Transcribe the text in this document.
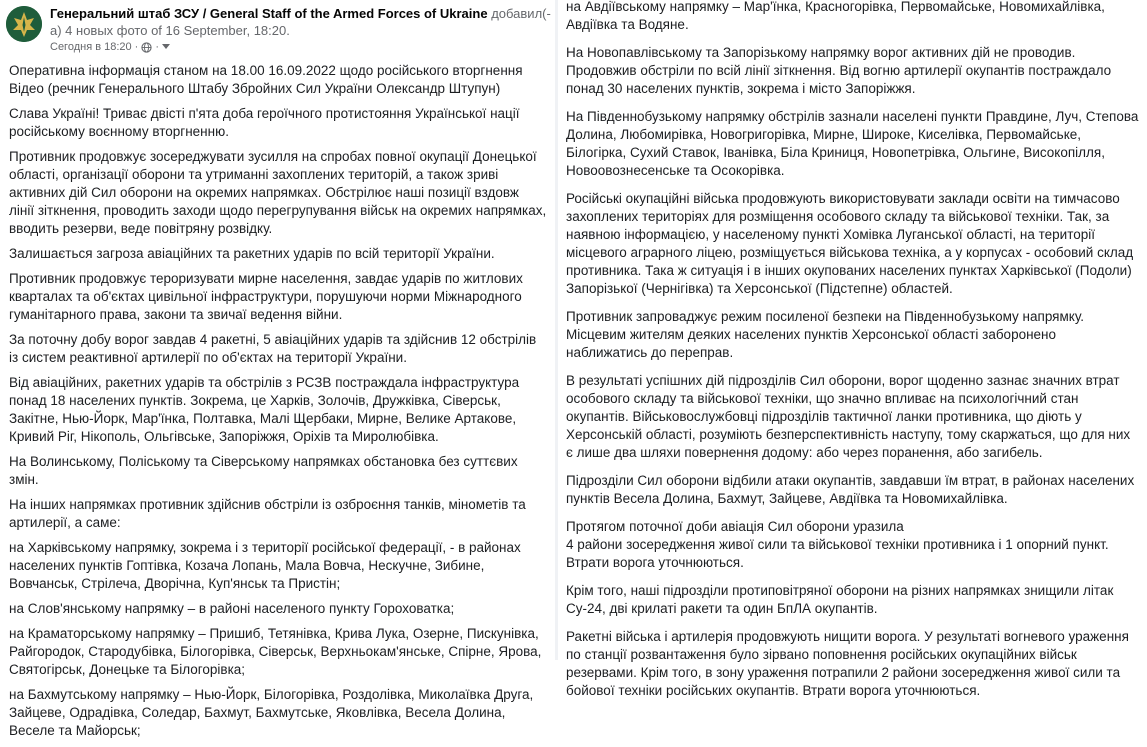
Генеральний штаб ЗСУ / General Staff of the Armed Forces of Ukraine добавил(-
а) 4 новых фото of 16 September, 18:20.
Сегодня в 18:20 · ·
Оперативна інформація станом на 18.00 16.09.2022 щодо російського вторгнення
Відео (речник Генерального Штабу Збройних Сил України Олександр Штупун)
Слава Україні! Триває двісті п'ята доба героїчного протистояння Української нації російському воєнному вторгненню.
Противник продовжує зосереджувати зусилля на спробах повної окупації Донецької області, організації оборони та утриманні захоплених територій, а також зриві активних дій Сил оборони на окремих напрямках. Обстрілює наші позиції вздовж лінії зіткнення, проводить заходи щодо перегрупування військ на окремих напрямках, вводить резерви, веде повітряну розвідку.
Залишається загроза авіаційних та ракетних ударів по всій території України.
Противник продовжує тероризувати мирне населення, завдає ударів по житлових кварталах та об'єктах цивільної інфраструктури, порушуючи норми Міжнародного гуманітарного права, закони та звичаї ведення війни.
За поточну добу ворог завдав 4 ракетні, 5 авіаційних ударів та здійснив 12 обстрілів із систем реактивної артилерії по об'єктах на території України.
Від авіаційних, ракетних ударів та обстрілів з РСЗВ постраждала інфраструктура понад 18 населених пунктів. Зокрема, це Харків, Золочів, Дружківка, Сіверськ, Закітне, Нью-Йорк, Мар'їнка, Полтавка, Малі Щербаки, Мирне, Велике Артакове, Кривий Ріг, Нікополь, Ольгівське, Запоріжжя, Оріхів та Миролюбівка.
На Волинському, Поліському та Сіверському напрямках обстановка без суттєвих змін.
На інших напрямках противник здійснив обстріли із озброєння танків, мінометів та артилерії, а саме:
на Харківському напрямку, зокрема і з території російської федерації, - в районах населених пунктів Гоптівка, Козача Лопань, Мала Вовча, Нескучне, Зибине, Вовчанськ, Стрілеча, Дворічна, Куп'янськ та Пристін;
на Слов'янському напрямку – в районі населеного пункту Гороховатка;
на Краматорському напрямку – Пришиб, Тетянівка, Крива Лука, Озерне, Пискунівка, Райгородок, Стародубівка, Білогорівка, Сіверськ, Верхньокам'янське, Спірне, Ярова, Святогірськ, Донецьке та Білогорівка;
на Бахмутському напрямку – Нью-Йорк, Білогорівка, Роздолівка, Миколаївка Друга, Зайцеве, Одрадівка, Соледар, Бахмут, Бахмутське, Яковлівка, Весела Долина, Веселе та Майорськ;
на Авдіївському напрямку – Мар'їнка, Красногорівка, Первомайське, Новомихайлівка, Авдіївка та Водяне.
На Новопавлівському та Запорізькому напрямку ворог активних дій не проводив. Продовжив обстріли по всій лінії зіткнення. Від вогню артилерії окупантів постраждало понад 30 населених пунктів, зокрема і місто Запоріжжя.
На Південнобузькому напрямку обстрілів зазнали населені пункти Правдине, Луч, Степова Долина, Любомирівка, Новогригорівка, Мирне, Широке, Киселівка, Первомайське, Білогірка, Сухий Ставок, Іванівка, Біла Криниця, Новопетрівка, Ольгине, Високопілля, Новоовознесенське та Осокорівка.
Російські окупаційні війська продовжують використовувати заклади освіти на тимчасово захоплених територіях для розміщення особового складу та військової техніки. Так, за наявною інформацією, у населеному пункті Хомівка Луганської області, на території місцевого аграрного ліцею, розміщується військова техніка, а у корпусах - особовий склад противника. Така ж ситуація і в інших окупованих населених пунктах Харківської (Подоли) Запорізької (Чернігівка) та Херсонської (Підстепне) областей.
Противник запроваджує режим посиленої безпеки на Південнобузькому напрямку. Місцевим жителям деяких населених пунктів Херсонської області заборонено наближатись до переправ.
В результаті успішних дій підрозділів Сил оборони, ворог щоденно зазнає значних втрат особового складу та військової техніки, що значно впливає на психологічний стан окупантів. Військовослужбовці підрозділів тактичної ланки противника, що діють у Херсонській області, розуміють безперспективність наступу, тому скаржаться, що для них є лише два шляхи повернення додому: або через поранення, або загибель.
Підрозділи Сил оборони відбили атаки окупантів, завдавши їм втрат, в районах населених пунктів Весела Долина, Бахмут, Зайцеве, Авдіївка та Новомихайлівка.
Протягом поточної доби авіація Сил оборони уразила
4 райони зосередження живої сили та військової техніки противника і 1 опорний пункт.
Втрати ворога уточнюються.
Крім того, наші підрозділи протиповітряної оборони на різних напрямках знищили літак Су-24, дві крилаті ракети та один БпЛА окупантів.
Ракетні війська і артилерія продовжують нищити ворога. У результаті вогневого ураження по станції розвантаження було зірвано поповнення російських окупаційних військ резервами. Крім того, в зону ураження потрапили 2 райони зосередження живої сили та бойової техніки російських окупантів. Втрати ворога уточнюються.
